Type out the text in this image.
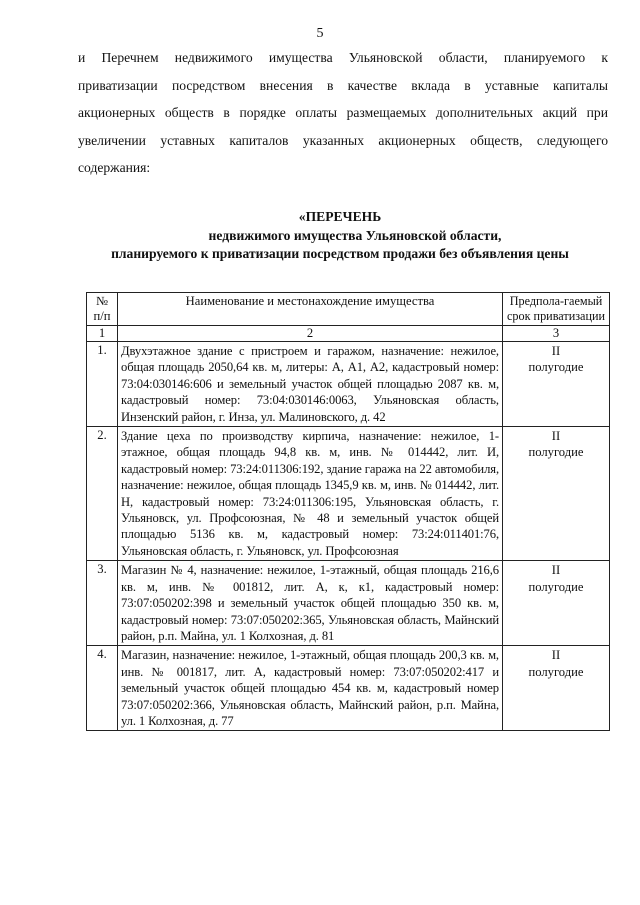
5
и Перечнем недвижимого имущества Ульяновской области, планируемого к
приватизации посредством внесения в качестве вклада в уставные капиталы
акционерных обществ в порядке оплаты размещаемых дополнительных акций при
увеличении уставных капиталов указанных акционерных обществ, следующего
содержания:
«ПЕРЕЧЕНЬ
недвижимого имущества Ульяновской области,
планируемого к приватизации посредством продажи без объявления цены
№ п/п	Наименование и местонахождение имущества	Предпола-гаемый срок приватизации
1	2	3
1.	Двухэтажное здание с пристроем и гаражом, назначение: нежилое, общая площадь 2050,64 кв. м, литеры: А, А1, А2, кадастровый номер: 73:04:030146:606 и земельный участок общей площадью 2087 кв. м, кадастровый номер: 73:04:030146:0063, Ульяновская область, Инзенский район, г. Инза, ул. Малиновского, д. 42	II
полугодие

2.	Здание цеха по производству кирпича, назначение: нежилое, 1-этажное, общая площадь 94,8 кв. м, инв. № 014442, лит. И, кадастровый номер: 73:24:011306:192, здание гаража на 22 автомобиля, назначение: нежилое, общая площадь 1345,9 кв. м, инв. № 014442, лит. Н, кадастровый номер: 73:24:011306:195, Ульяновская область, г. Ульяновск, ул. Профсоюзная, № 48 и земельный участок общей площадью 5136 кв. м, кадастровый номер: 73:24:011401:76, Ульяновская область, г. Ульяновск, ул. Профсоюзная	II
полугодие

3.	Магазин № 4, назначение: нежилое, 1-этажный, общая площадь 216,6 кв. м, инв. № 001812, лит. А, к, к1, кадастровый номер: 73:07:050202:398 и земельный участок общей площадью 350 кв. м, кадастровый номер: 73:07:050202:365, Ульяновская область, Майнский район, р.п. Майна, ул. 1 Колхозная, д. 81	II
полугодие

4.	Магазин, назначение: нежилое, 1-этажный, общая площадь 200,3 кв. м, инв. № 001817, лит. А, кадастровый номер: 73:07:050202:417 и земельный участок общей площадью 454 кв. м, кадастровый номер 73:07:050202:366, Ульяновская область, Майнский район, р.п. Майна, ул. 1 Колхозная, д. 77	II
полугодие
